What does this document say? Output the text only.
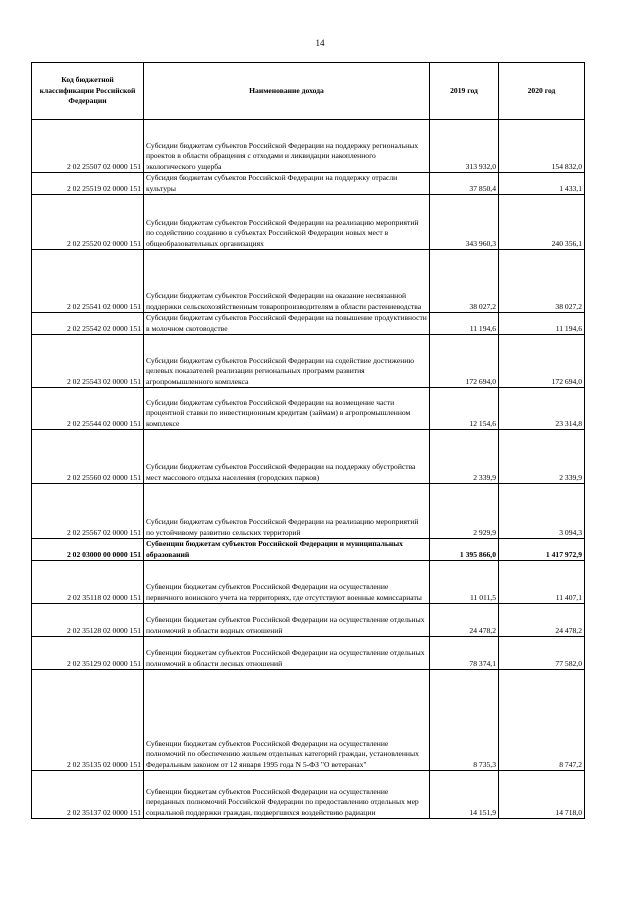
14
Код бюджетной классификации Российской Федерации	Наименование дохода	2019 год	2020 год
2 02 25507 02 0000 151	Субсидии бюджетам субъектов Российской Федерации на поддержку региональных проектов в области обращения с отходами и ликвидации накопленного экологического ущерба	313 932,0	154 832,0
2 02 25519 02 0000 151	Субсидия бюджетам субъектов Российской Федерации на поддержку отрасли культуры	37 850,4	1 433,1
2 02 25520 02 0000 151	Субсидии бюджетам субъектов Российской Федерации на реализацию мероприятий по содействию созданию в субъектах Российской Федерации новых мест в общеобразовательных организациях	343 960,3	240 356,1
2 02 25541 02 0000 151	Субсидии бюджетам субъектов Российской Федерации на оказание несвязанной поддержки сельскохозяйственным товаропроизводителям в области растениеводства	38 027,2	38 027,2
2 02 25542 02 0000 151	Субсидии бюджетам субъектов Российской Федерации на повышение продуктивности в молочном скотоводстве	11 194,6	11 194,6
2 02 25543 02 0000 151	Субсидии бюджетам субъектов Российской Федерации на содействие достижению целевых показателей реализации региональных программ развития агропромышленного комплекса	172 694,0	172 694,0
2 02 25544 02 0000 151	Субсидии бюджетам субъектов Российской Федерации на возмещение части процентной ставки по инвестиционным кредитам (займам) в агропромышленном комплексе	12 154,6	23 314,8
2 02 25560 02 0000 151	Субсидии бюджетам субъектов Российской Федерации на поддержку обустройства мест массового отдыха населения (городских парков)	2 339,9	2 339,9
2 02 25567 02 0000 151	Субсидии бюджетам субъектов Российской Федерации на реализацию мероприятий по устойчивому развитию сельских территорий	2 929,9	3 094,3
2 02 03000 00 0000 151	Субвенции бюджетам субъектов Российской Федерации и муниципальных образований	1 395 866,0	1 417 972,9
2 02 35118 02 0000 151	Субвенции бюджетам субъектов Российской Федерации на осуществление первичного воинского учета на территориях, где отсутствуют военные комиссариаты	11 011,5	11 407,1
2 02 35128 02 0000 151	Субвенции бюджетам субъектов Российской Федерации на осуществление отдельных полномочий в области водных отношений	24 478,2	24 478,2
2 02 35129 02 0000 151	Субвенции бюджетам субъектов Российской Федерации на осуществление отдельных полномочий в области лесных отношений	78 374,1	77 582,0
2 02 35135 02 0000 151	Субвенции бюджетам субъектов Российской Федерации на осуществление полномочий по обеспечению жильем отдельных категорий граждан, установленных Федеральным законом от 12 января 1995 года N 5-ФЗ "О ветеранах"	8 735,3	8 747,2
2 02 35137 02 0000 151	Субвенции бюджетам субъектов Российской Федерации на осуществление переданных полномочий Российской Федерации по предоставлению отдельных мер социальной поддержки граждан, подвергшихся воздействию радиации	14 151,9	14 718,0
